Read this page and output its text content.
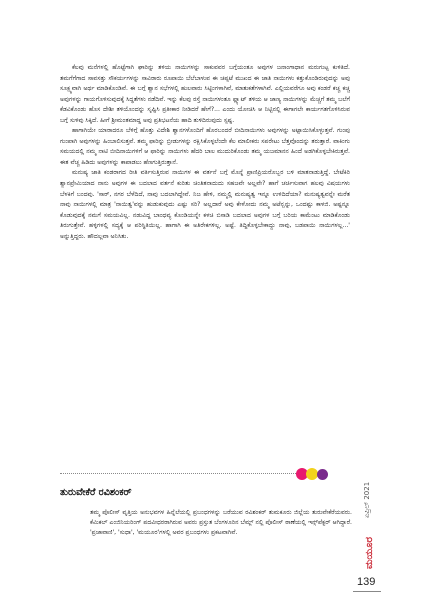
ಕೆಲವು ಮನೆಗಳಲ್ಲಿ ಹೊಟ್ಟೆಗಾಗಿ ಘಾರಿನ್ನು ತಳಿಯ ನಾಯಿಗಳನ್ನು ಸಾಕುವವರ ಬಗ್ಗೆಯಂತೂ ಅವುಗಳ ಜನಾಂಗಾಧಾನ ಮರುಗುಟ್ಟ ಕುಳಿತಿದೆ. ತಮಗೆಗೆಗಾದ ಸಾವಸತ್ತು ಸೌಕರ್ಯಗಳನ್ನು ಸಾವಿರಾರು ರೂಪಾಯಿ ಬೆಲೆಬಾಳುವ ಈ ಚಪ್ಪಟೆ ಮುಖದ ಈ ಜಾತಿ ನಾಯಿಗಳು ಕತ್ತುಕೊಂಡಿರುವುದನ್ನು ಅವು ಸೂಕ್ಷ್ಮವಾಗಿ ಅರ್ಥ ಮಾಡಿಕೊಂಡಿವೆ. ಈ ಬಗ್ಗೆ ಶ್ವಾನ ಸಭೆಗಳಲ್ಲಿ ಹುಲವಾರು ಸಿಟ್ಟಿಂಗಳಾಗಿವೆ, ಮಾತುಕತೆಗಳಾಗಿವೆ. ಎಲ್ಲಿಯವರೆಗೂ ಅವು ಕಂಡರೆ ಕಚ್ಚ ಕಚ್ಚ ಅವುಗಳನ್ನು ಗಾಯಗೊಳಿಸುವುದಕ್ಕೆ ಸಿದ್ಧತೆಗಳು ನಡೆದಿವೆ. ಇನ್ನು ಕೆಲವು ರಸ್ತೆ ನಾಯಿಗಳಂತೂ ಫ್ಲ್ಯಾಟ್ ತಳಿಯ ಆ ಜಾಣ್ಯ ನಾಯಿಗಳನ್ನು ಮೆಚ್ಚಗೆ ತಮ್ಮ ಬಲೆಗೆ ಕೆಡವಿಕೊಂಡು ಹೊಸ ದೇಶೀ ತಳಿಯೊಂದನ್ನು ಸೃಷ್ಟಿಸಿ ಪ್ರತೀಕಾರ ನೀಡಿದರೆ ಹೇಗೆ?... ಎಂದು ಯೋಚಿಸಿ ಆ ನಿಟ್ಟಿನಲ್ಲಿ ಈಗಾಗಲೇ ಕಾರ್ಯಗತಗೊಳಿಸಿರುವ ಬಗ್ಗೆ ಸುಳಿವು ಸಿಕ್ಕಿದೆ. ಹೀಗೆ ಶ್ರೀಮಂತಮಾದ್ದ ಅವು ಪ್ರತಿಭಟನೆಯ ಹಾದಿ ತುಳಿದಿರುವುದು ಸ್ಪಷ್ಟ.

ಹಾಗಾಗಿಯೇ ಯಾರಾದರೂ ಬೆಳಿಗ್ಗೆ ಹೊತ್ತು ವಿದೇಶಿ ಶ್ವಾನಗಳೊಂದಿಗೆ ಹೊರಬಂದರೆ ಬೀದಿನಾಯಿಗಳು ಅವುಗಳನ್ನು ಅಟ್ಟಾಯಿಸಿಕೊಳ್ಳುತ್ತವೆ. ಗುಂಪು ಗುಂಪಾಗಿ ಅವುಗಳನ್ನು ಹಿಂಬಾಲಿಸುತ್ತವೆ. ತಮ್ಮ ಫಾರಿನ್ನು ಬ್ರೀಡುಗಳನ್ನು ರಕ್ಷಿಸಿಕೊಳ್ಳಲೆಂದೇ ಕೆಲ ಮಾಲೀಕರು ಸಪರೇಟು ಬೆತ್ತವೊಂದನ್ನು ತರುತ್ತಾರೆ. ವಾಕಿಂಗು ಸಮಯದಲ್ಲಿ ನಮ್ಮ ನಾಟಿ ಬೀದಿನಾಯಿಗಳಿಗೆ ಆ ಫಾರಿನ್ನು ನಾಯಿಗಳು ಹೆದರಿ ಬಾಲ ಮುದುರಿಕೊಂಡು ತಮ್ಮ ಯಜಮಾನನ ಹಿಂದೆ ಅಡಗಿಕೊಳ್ಳಬೇಕಿರುತ್ತವೆ. ಈತ ವೆಚ್ಚ ಹಿಡಿದು ಅವುಗಳನ್ನು ಕಾಪಾಡಲು ಹೆಣಗುತ್ತಿರುತ್ತಾನೆ.

ಮನುಷ್ಯ ಜಾತಿ ಕಂಡರಾಗದ ರೀತಿ ವರ್ತಿಸುತ್ತಿರುವ ನಾಯಿಗಳ ಈ ವರ್ತನೆ ಬಗ್ಗೆ ಮೊನ್ನೆ ಪ್ರಾಣಿಪ್ರಿಯರೊಬ್ಬರ ಬಳಿ ಮಾತನಾಡುತ್ತಿದ್ದೆ. ಬೇಟೆಕಿರಿ ಶ್ವಾನಪ್ರೇಮಿಯಾದ ನಾನು ಅವುಗಳ ಈ ಬದಲಾದ ವರ್ತನೆ ಕುರಿತು ಚಿಂತಿತನಾದುದು ಸಹಜವೇ ಅಲ್ಲವೇ? ಹಾಗೆ ಚರ್ಚಿಸುವಾಗ ಹಲವು ವಿಷಯಗಳು ಬೆಳಕಿಗೆ ಬಂದವು. 'ಸಾರ್, ನಗರ ಬೆಳೆದಿದೆ, ನಾವು ಬದಲಾಗಿದ್ದೇವೆ. ನಿಜ ಹೇಳಿ, ನಮ್ಮಲ್ಲಿ ಮನುಷ್ಯತ್ವ ಇನ್ನೂ ಉಳಿದಿದೆಯಾ? ಮನುಷ್ಯತ್ವವನ್ನೇ ಮರೆತ ನಾವು ನಾಯಿಗಳಲ್ಲಿ ಮಾತ್ರ 'ನಾಯಿತ್ವ'ವನ್ನು ಹುಡುಕುವುದು ಎಷ್ಟು ಸರಿ? ಅಲ್ಲದಾರೆ ಅವು ಕೇಳೋದು ನಮ್ಮ ಅಟೆನ್ಷನ್ನು, ಒಂದಷ್ಟು ಕಾಳಜಿ. ಅಷ್ಟನ್ನೂ ಕೊಡುವುದಕ್ಕೆ ನಮಗೆ ಸಮಯವಿಲ್ಲ. ನಡುವಿದ್ದ ಬಾಂಧವ್ಯ ಕೊಂಡಿಯನ್ನೇ ಕಳಚಿ ಬಿಸಾಡಿ ಬದಲಾದ ಅವುಗಳ ಬಗ್ಗೆ ಬರಿಯ ಕಾಮೆಂಟು ಮಾಡಿಕೊಂಡು ತಿರುಗುತ್ತೇವೆ. ಹಳ್ಳಿಗಳಲ್ಲಿ ಸದ್ಯಕ್ಕೆ ಆ ಪರಿಸ್ಥಿತಿಯಿಲ್ಲ. ಹಾಗಾಗಿ ಈ ಅತಿರೇಕಗಳಿಲ್ಲ. ಅಷ್ಟೆ. ತಿದ್ದಿಕೊಳ್ಳಬೇಕಾದ್ದು ನಾವು, ಬಡಪಾಯಿ ನಾಯಿಗಳಲ್ಲ...' ಅನ್ನುತ್ತಿದ್ದರು. ಹೌದಲ್ಲವಾ ಅನಿಸಿತು.

ತುರುವೇಕೆರೆ ರವಿಶಂಕರ್
ತಮ್ಮ ಪೊಲೀಸ್ ವೃತ್ತಿಯ ಅನುಭವಗಳ ಹಿನ್ನೆಲೆಯಲ್ಲಿ ಪ್ರಬಂಧಗಳನ್ನು ಬರೆಯುವ ರವಿಶಂಕರ್ ತುಮಕೂರು ಜಿಲ್ಲೆಯ ತುರುವೇಕೆರೆಯವರು. ಕೆಮಿಕಲ್ ಎಂಜಿನಿಯರಿಂಗ್ ಪದವೀಧರರಾಗಿರುವ ಅವರು ಪ್ರಸ್ತುತ ಬೆಂಗಳೂರಿನ ಬೆಮ್ಲ್ ನಲ್ಲಿ ಪೊಲೀಸ್ ಠಾಣೆಯಲ್ಲಿ ಇನ್ಸ್‌ಪೆಕ್ಟರ್ ಆಗಿದ್ದಾರೆ. 'ಪ್ರಜಾವಾಣಿ', 'ಸುಧಾ', 'ಮಯೂರ'ಗಳಲ್ಲಿ ಅವರ ಪ್ರಬಂಧಗಳು ಪ್ರಕಟವಾಗಿವೆ.
ಏಪ್ರಿಲ್ 2021
ಮಯೂರ
139
